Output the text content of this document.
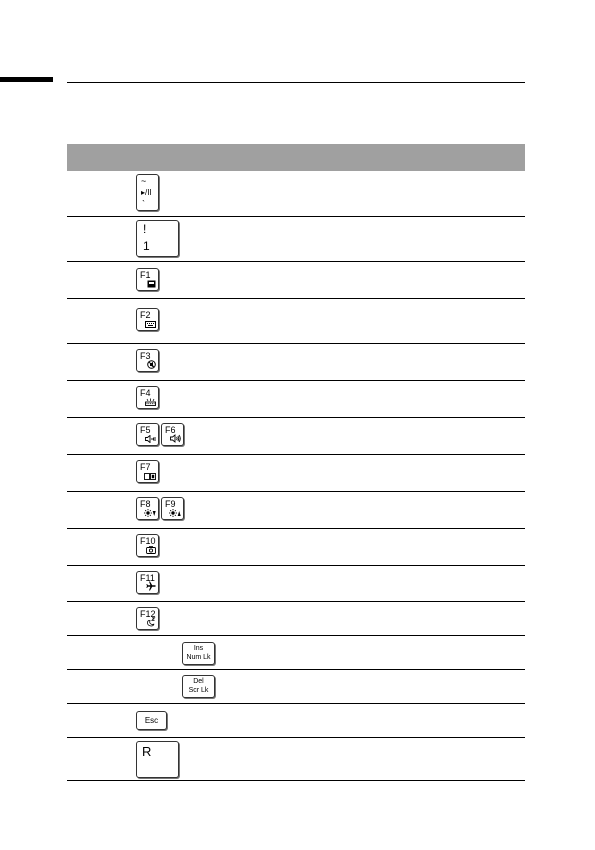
~
▸/II
`
!
1
F1
F2
F3
F4
F5 F6
F7
F8 F9
F10
F11
F12
Ins
Num Lk
Del
Scr Lk
Esc
R
